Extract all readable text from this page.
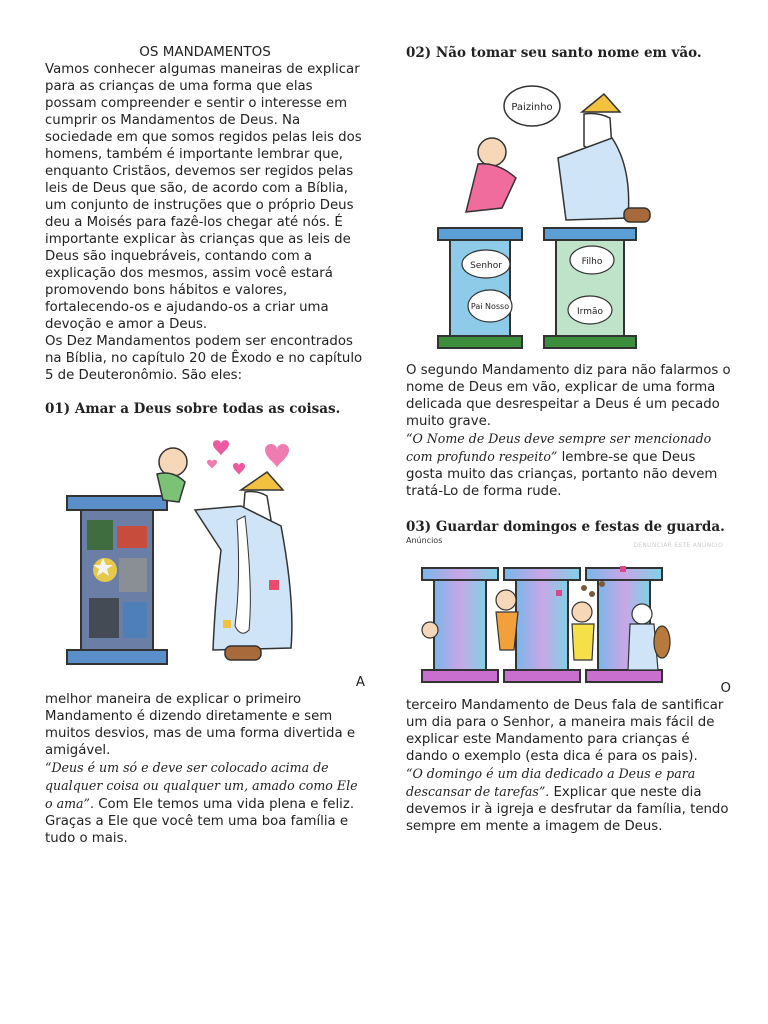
OS MANDAMENTOS

Vamos conhecer algumas maneiras de explicar para as crianças de uma forma que elas possam compreender e sentir o interesse em cumprir os Mandamentos de Deus. Na sociedade em que somos regidos pelas leis dos homens, também é importante lembrar que, enquanto Cristãos, devemos ser regidos pelas leis de Deus que são, de acordo com a Bíblia, um conjunto de instruções que o próprio Deus deu a Moisés para fazê-los chegar até nós. É importante explicar às crianças que as leis de Deus são inquebráveis, contando com a explicação dos mesmos, assim você estará promovendo bons hábitos e valores, fortalecendo-os e ajudando-os a criar uma devoção e amor a Deus.

Os Dez Mandamentos podem ser encontrados na Bíblia, no capítulo 20 de Êxodo e no capítulo 5 de Deuteronômio. São eles:

01) Amar a Deus sobre todas as coisas.

A

melhor maneira de explicar o primeiro Mandamento é dizendo diretamente e sem muitos desvios, mas de uma forma divertida e amigável.
“Deus é um só e deve ser colocado acima de qualquer coisa ou qualquer um, amado como Ele o ama”. Com Ele temos uma vida plena e feliz. Graças a Ele que você tem uma boa família e tudo o mais.

02) Não tomar seu santo nome em vão.

Paizinho
Senhor
Pai Nosso
Filho
Irmão

O segundo Mandamento diz para não falarmos o nome de Deus em vão, explicar de uma forma delicada que desrespeitar a Deus é um pecado muito grave.

“O Nome de Deus deve sempre ser mencionado com profundo respeito” lembre-se que Deus gosta muito das crianças, portanto não devem tratá-Lo de forma rude.

03) Guardar domingos e festas de guarda.

Anúncios

DENUNCIAR ESTE ANÚNCIO

O

terceiro Mandamento de Deus fala de santificar um dia para o Senhor, a maneira mais fácil de explicar este Mandamento para crianças é dando o exemplo (esta dica é para os pais).

“O domingo é um dia dedicado a Deus e para descansar de tarefas”. Explicar que neste dia devemos ir à igreja e desfrutar da família, tendo sempre em mente a imagem de Deus.
